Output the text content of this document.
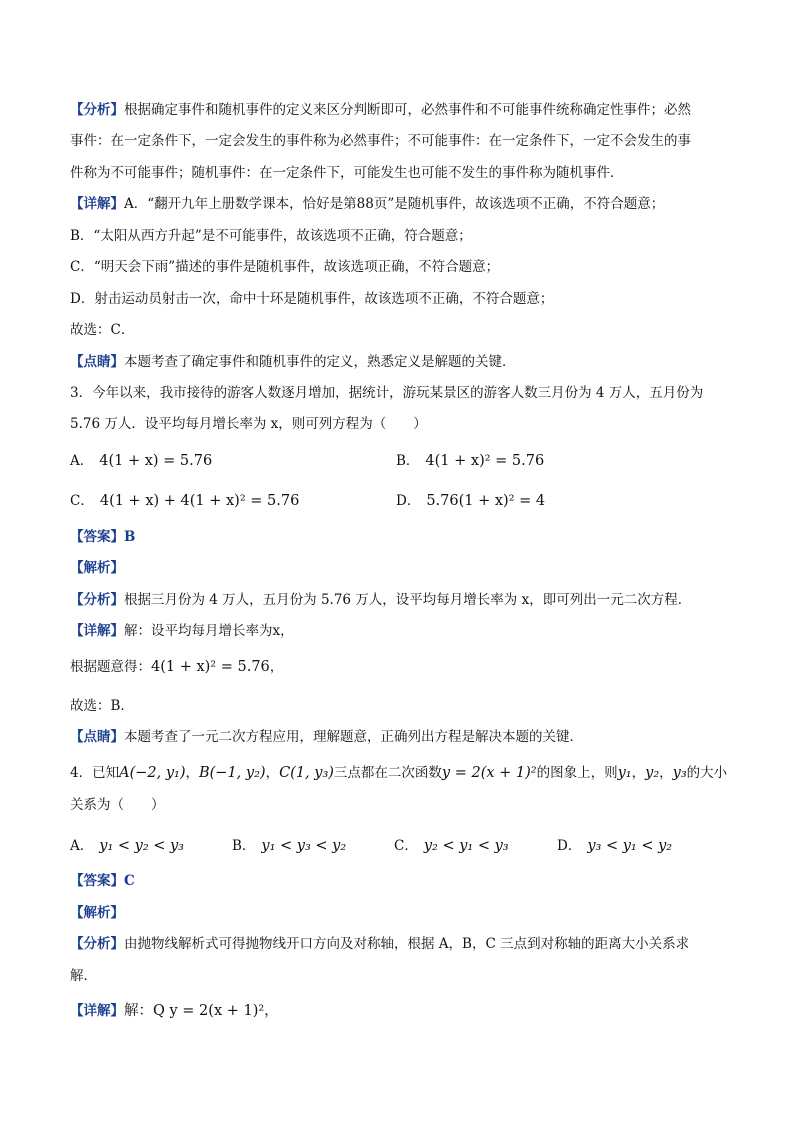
【分析】根据确定事件和随机事件的定义来区分判断即可，必然事件和不可能事件统称确定性事件；必然
事件：在一定条件下，一定会发生的事件称为必然事件；不可能事件：在一定条件下，一定不会发生的事
件称为不可能事件；随机事件：在一定条件下，可能发生也可能不发生的事件称为随机事件．
【详解】A．“翻开九年上册数学课本，恰好是第88页”是随机事件，故该选项不正确，不符合题意；
B．“太阳从西方升起”是不可能事件，故该选项不正确，符合题意；
C．“明天会下雨”描述的事件是随机事件，故该选项正确，不符合题意；
D．射击运动员射击一次，命中十环是随机事件，故该选项不正确，不符合题意；
故选：C．
【点睛】本题考查了确定事件和随机事件的定义，熟悉定义是解题的关键．
3．今年以来，我市接待的游客人数逐月增加，据统计，游玩某景区的游客人数三月份为 4 万人，五月份为
5.76 万人．设平均每月增长率为 x，则可列方程为（　　）
A． 4(1 + x) = 5.76	B． 4(1 + x)² = 5.76
C． 4(1 + x) + 4(1 + x)² = 5.76	D． 5.76(1 + x)² = 4
【答案】B
【解析】
【分析】根据三月份为 4 万人，五月份为 5.76 万人，设平均每月增长率为 x，即可列出一元二次方程．
【详解】解：设平均每月增长率为x，
根据题意得：4(1 + x)² = 5.76，
故选：B．
【点睛】本题考查了一元二次方程应用，理解题意，正确列出方程是解决本题的关键．
4．已知A(−2, y₁)，B(−1, y₂)，C(1, y₃)三点都在二次函数y = 2(x + 1)²的图象上，则y₁，y₂，y₃的大小
关系为（　　）
A． y₁ < y₂ < y₃	B． y₁ < y₃ < y₂	C． y₂ < y₁ < y₃	D． y₃ < y₁ < y₂
【答案】C
【解析】
【分析】由抛物线解析式可得抛物线开口方向及对称轴，根据 A，B，C 三点到对称轴的距离大小关系求
解．
【详解】解：Q y = 2(x + 1)²，
